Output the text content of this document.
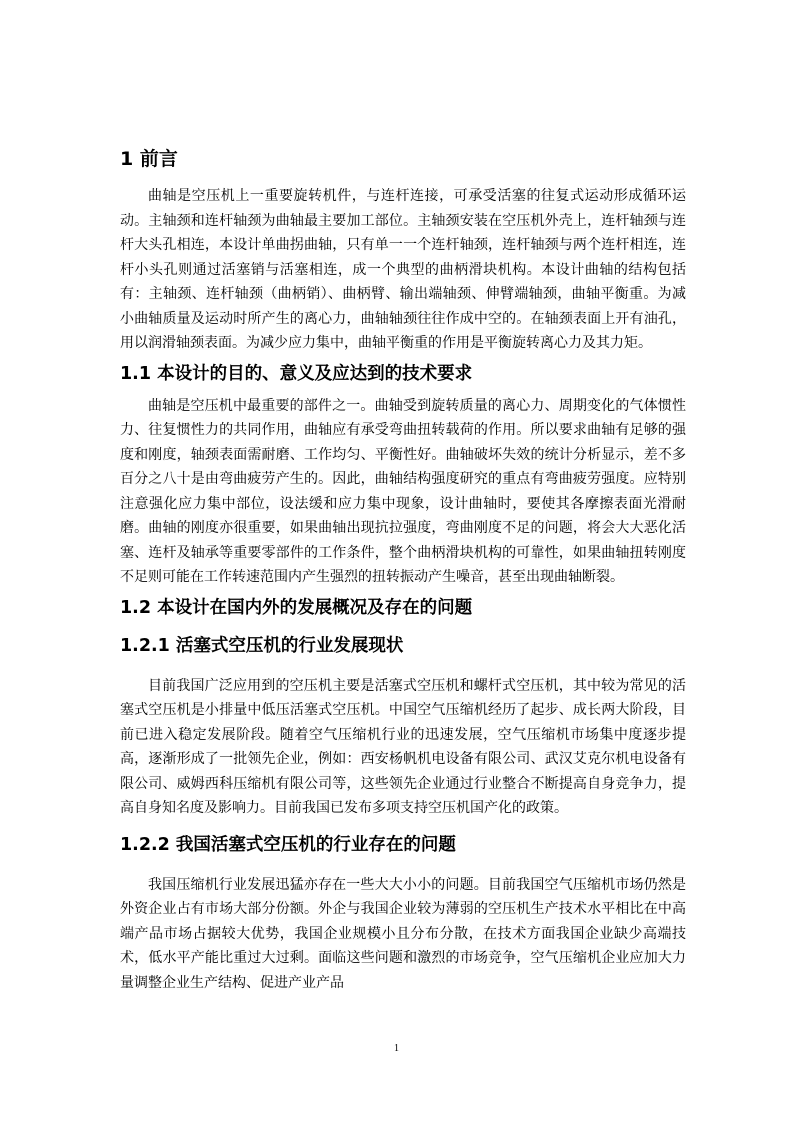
1 前言

曲轴是空压机上一重要旋转机件，与连杆连接，可承受活塞的往复式运动形成循环运动。主轴颈和连杆轴颈为曲轴最主要加工部位。主轴颈安装在空压机外壳上，连杆轴颈与连杆大头孔相连，本设计单曲拐曲轴，只有单一一个连杆轴颈，连杆轴颈与两个连杆相连，连杆小头孔则通过活塞销与活塞相连，成一个典型的曲柄滑块机构。本设计曲轴的结构包括有：主轴颈、连杆轴颈（曲柄销）、曲柄臂、输出端轴颈、伸臂端轴颈，曲轴平衡重。为减小曲轴质量及运动时所产生的离心力，曲轴轴颈往往作成中空的。在轴颈表面上开有油孔，用以润滑轴颈表面。为减少应力集中，曲轴平衡重的作用是平衡旋转离心力及其力矩。

1.1 本设计的目的、意义及应达到的技术要求

曲轴是空压机中最重要的部件之一。曲轴受到旋转质量的离心力、周期变化的气体惯性力、往复惯性力的共同作用，曲轴应有承受弯曲扭转载荷的作用。所以要求曲轴有足够的强度和刚度，轴颈表面需耐磨、工作均匀、平衡性好。曲轴破坏失效的统计分析显示，差不多百分之八十是由弯曲疲劳产生的。因此，曲轴结构强度研究的重点有弯曲疲劳强度。应特别注意强化应力集中部位，设法缓和应力集中现象，设计曲轴时，要使其各摩擦表面光滑耐磨。曲轴的刚度亦很重要，如果曲轴出现抗拉强度，弯曲刚度不足的问题，将会大大恶化活塞、连杆及轴承等重要零部件的工作条件，整个曲柄滑块机构的可靠性，如果曲轴扭转刚度不足则可能在工作转速范围内产生强烈的扭转振动产生噪音，甚至出现曲轴断裂。

1.2 本设计在国内外的发展概况及存在的问题
1.2.1 活塞式空压机的行业发展现状

目前我国广泛应用到的空压机主要是活塞式空压机和螺杆式空压机，其中较为常见的活塞式空压机是小排量中低压活塞式空压机。中国空气压缩机经历了起步、成长两大阶段，目前已进入稳定发展阶段。随着空气压缩机行业的迅速发展，空气压缩机市场集中度逐步提高，逐渐形成了一批领先企业，例如：西安杨帆机电设备有限公司、武汉艾克尔机电设备有限公司、威姆西科压缩机有限公司等，这些领先企业通过行业整合不断提高自身竞争力，提高自身知名度及影响力。目前我国已发布多项支持空压机国产化的政策。

1.2.2 我国活塞式空压机的行业存在的问题

我国压缩机行业发展迅猛亦存在一些大大小小的问题。目前我国空气压缩机市场仍然是外资企业占有市场大部分份额。外企与我国企业较为薄弱的空压机生产技术水平相比在中高端产品市场占据较大优势，我国企业规模小且分布分散，在技术方面我国企业缺少高端技术，低水平产能比重过大过剩。面临这些问题和激烈的市场竞争，空气压缩机企业应加大力量调整企业生产结构、促进产业产品

1
